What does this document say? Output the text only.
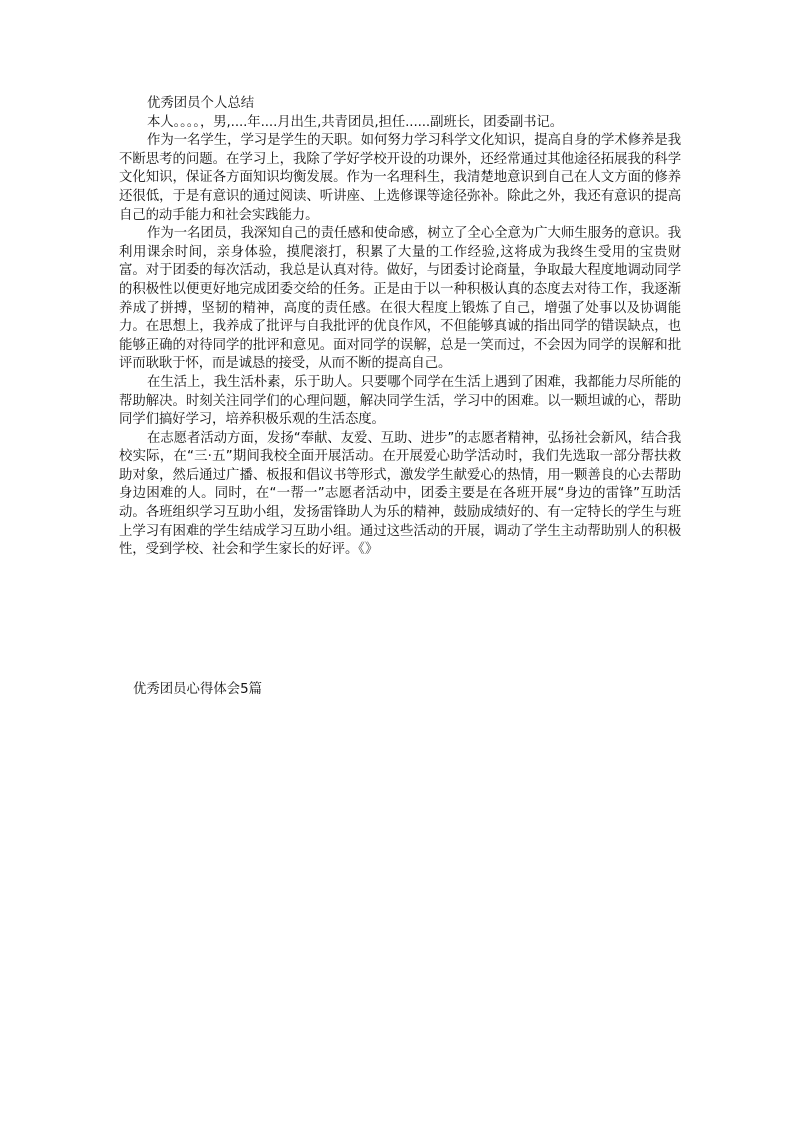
优秀团员个人总结

本人。。。。，男,....年....月出生,共青团员,担任......副班长，团委副书记。

作为一名学生，学习是学生的天职。如何努力学习科学文化知识，提高自身的学术修养是我不断思考的问题。在学习上，我除了学好学校开设的功课外，还经常通过其他途径拓展我的科学文化知识，保证各方面知识均衡发展。作为一名理科生，我清楚地意识到自己在人文方面的修养还很低，于是有意识的通过阅读、听讲座、上选修课等途径弥补。除此之外，我还有意识的提高自己的动手能力和社会实践能力。

作为一名团员，我深知自己的责任感和使命感，树立了全心全意为广大师生服务的意识。我利用课余时间，亲身体验，摸爬滚打，积累了大量的工作经验,这将成为我终生受用的宝贵财富。对于团委的每次活动，我总是认真对待。做好，与团委讨论商量，争取最大程度地调动同学的积极性以便更好地完成团委交给的任务。正是由于以一种积极认真的态度去对待工作，我逐渐养成了拼搏，坚韧的精神，高度的责任感。在很大程度上锻炼了自己，增强了处事以及协调能力。在思想上，我养成了批评与自我批评的优良作风，不但能够真诚的指出同学的错误缺点，也能够正确的对待同学的批评和意见。面对同学的误解，总是一笑而过，不会因为同学的误解和批评而耿耿于怀，而是诚恳的接受，从而不断的提高自己。

在生活上，我生活朴素，乐于助人。只要哪个同学在生活上遇到了困难，我都能力尽所能的帮助解决。时刻关注同学们的心理问题，解决同学生活，学习中的困难。以一颗坦诚的心，帮助同学们搞好学习，培养积极乐观的生活态度。

在志愿者活动方面，发扬“奉献、友爱、互助、进步”的志愿者精神，弘扬社会新风，结合我校实际，在“三·五”期间我校全面开展活动。在开展爱心助学活动时，我们先选取一部分帮扶救助对象，然后通过广播、板报和倡议书等形式，激发学生献爱心的热情，用一颗善良的心去帮助身边困难的人。同时，在“一帮一”志愿者活动中，团委主要是在各班开展“身边的雷锋”互助活动。各班组织学习互助小组，发扬雷锋助人为乐的精神，鼓励成绩好的、有一定特长的学生与班上学习有困难的学生结成学习互助小组。通过这些活动的开展，调动了学生主动帮助别人的积极性，受到学校、社会和学生家长的好评。《》

优秀团员心得体会5篇
